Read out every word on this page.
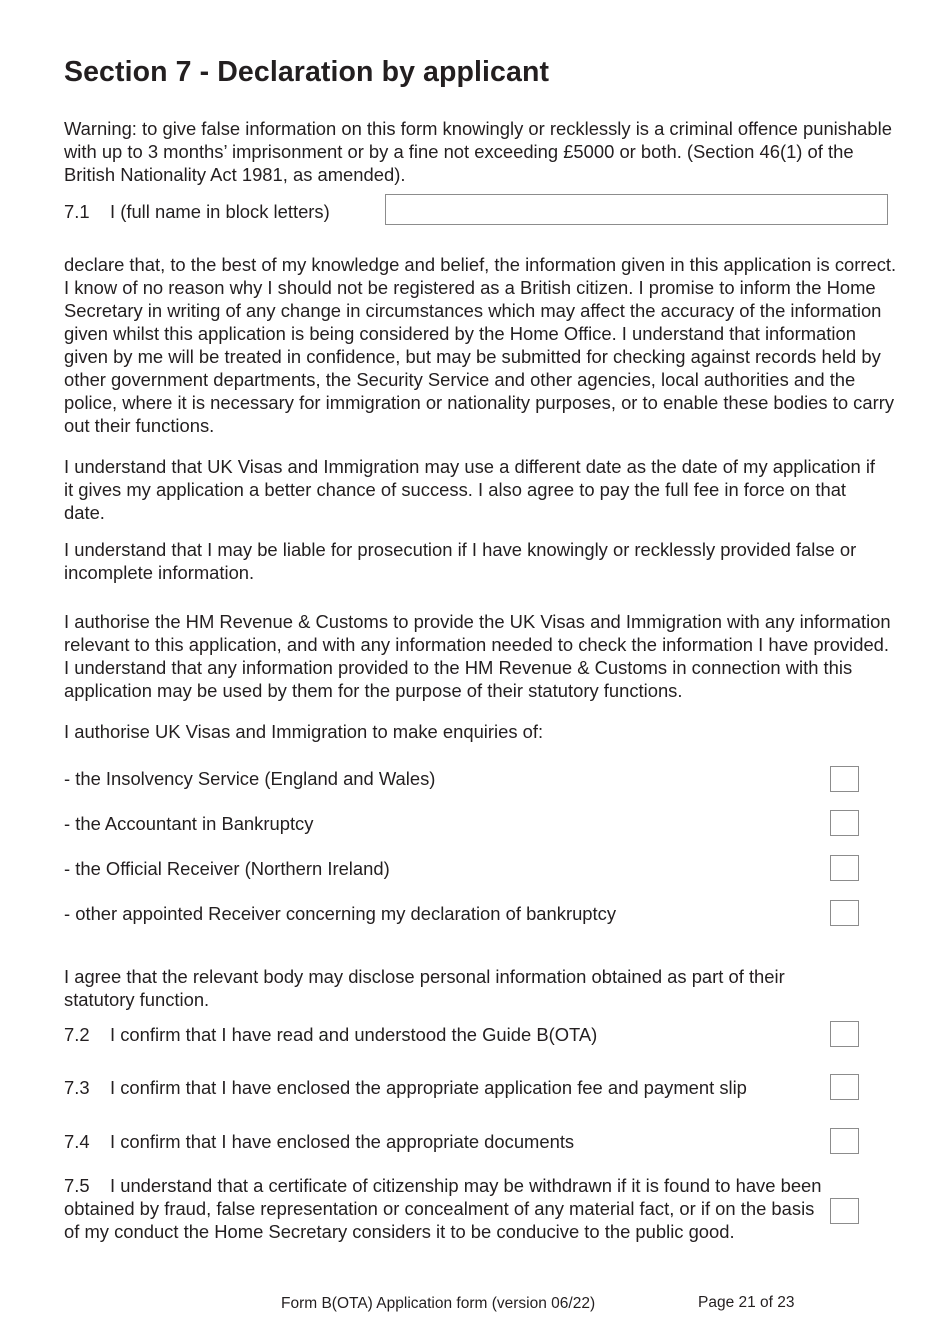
Section 7 - Declaration by applicant
Warning: to give false information on this form knowingly or recklessly is a criminal offence punishable with up to 3 months’ imprisonment or by a fine not exceeding £5000 or both. (Section 46(1) of the British Nationality Act 1981, as amended).
7.1 I (full name in block letters)
declare that, to the best of my knowledge and belief, the information given in this application is correct. I know of no reason why I should not be registered as a British citizen. I promise to inform the Home Secretary in writing of any change in circumstances which may affect the accuracy of the information given whilst this application is being considered by the Home Office. I understand that information given by me will be treated in confidence, but may be submitted for checking against records held by other government departments, the Security Service and other agencies, local authorities and the police, where it is necessary for immigration or nationality purposes, or to enable these bodies to carry out their functions.
I understand that UK Visas and Immigration may use a different date as the date of my application if it gives my application a better chance of success. I also agree to pay the full fee in force on that date.
I understand that I may be liable for prosecution if I have knowingly or recklessly provided false or incomplete information.
I authorise the HM Revenue & Customs to provide the UK Visas and Immigration with any information relevant to this application, and with any information needed to check the information I have provided. I understand that any information provided to the HM Revenue & Customs in connection with this application may be used by them for the purpose of their statutory functions.
I authorise UK Visas and Immigration to make enquiries of:
- the Insolvency Service (England and Wales)
- the Accountant in Bankruptcy
- the Official Receiver (Northern Ireland)
- other appointed Receiver concerning my declaration of bankruptcy
I agree that the relevant body may disclose personal information obtained as part of their statutory function.
7.2 I confirm that I have read and understood the Guide B(OTA)
7.3 I confirm that I have enclosed the appropriate application fee and payment slip
7.4 I confirm that I have enclosed the appropriate documents
7.5 I understand that a certificate of citizenship may be withdrawn if it is found to have been obtained by fraud, false representation or concealment of any material fact, or if on the basis of my conduct the Home Secretary considers it to be conducive to the public good.
Form B(OTA) Application form (version 06/22)	Page 21 of 23
